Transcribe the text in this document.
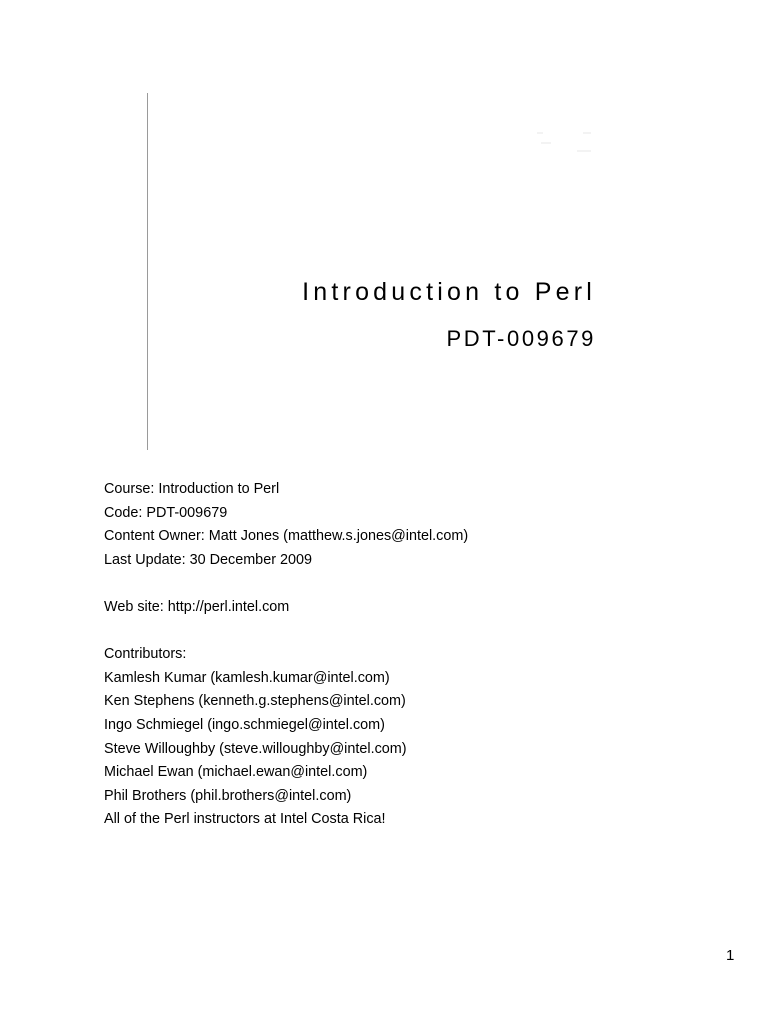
Introduction to Perl
PDT-009679
Course: Introduction to Perl
Code: PDT-009679
Content Owner: Matt Jones (matthew.s.jones@intel.com)
Last Update: 30 December 2009
Web site: http://perl.intel.com
Contributors:
Kamlesh Kumar (kamlesh.kumar@intel.com)
Ken Stephens (kenneth.g.stephens@intel.com)
Ingo Schmiegel (ingo.schmiegel@intel.com)
Steve Willoughby (steve.willoughby@intel.com)
Michael Ewan (michael.ewan@intel.com)
Phil Brothers (phil.brothers@intel.com)
All of the Perl instructors at Intel Costa Rica!
1
